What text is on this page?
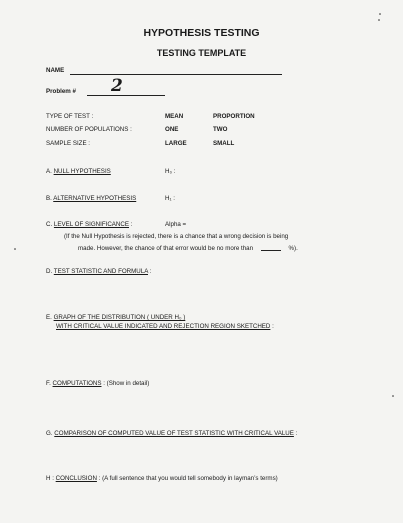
HYPOTHESIS TESTING
TESTING TEMPLATE
NAME
Problem # 2
TYPE OF TEST :	MEAN	PROPORTION
NUMBER OF POPULATIONS :	ONE	TWO
SAMPLE SIZE :	LARGE	SMALL
A. NULL HYPOTHESIS	H₀ :
B. ALTERNATIVE HYPOTHESIS	H₁ :
C. LEVEL OF SIGNIFICANCE :	Alpha =
(If the Null Hypothesis is rejected, there is a chance that a wrong decision is being
made. However, the chance of that error would be no more than	%).
D. TEST STATISTIC AND FORMULA :
E. GRAPH OF THE DISTRIBUTION ( UNDER H₀ )
WITH CRITICAL VALUE INDICATED AND REJECTION REGION SKETCHED :
F. COMPUTATIONS : (Show in detail)
G. COMPARISON OF COMPUTED VALUE OF TEST STATISTIC WITH CRITICAL VALUE :
H : CONCLUSION : (A full sentence that you would tell somebody in layman’s terms)
